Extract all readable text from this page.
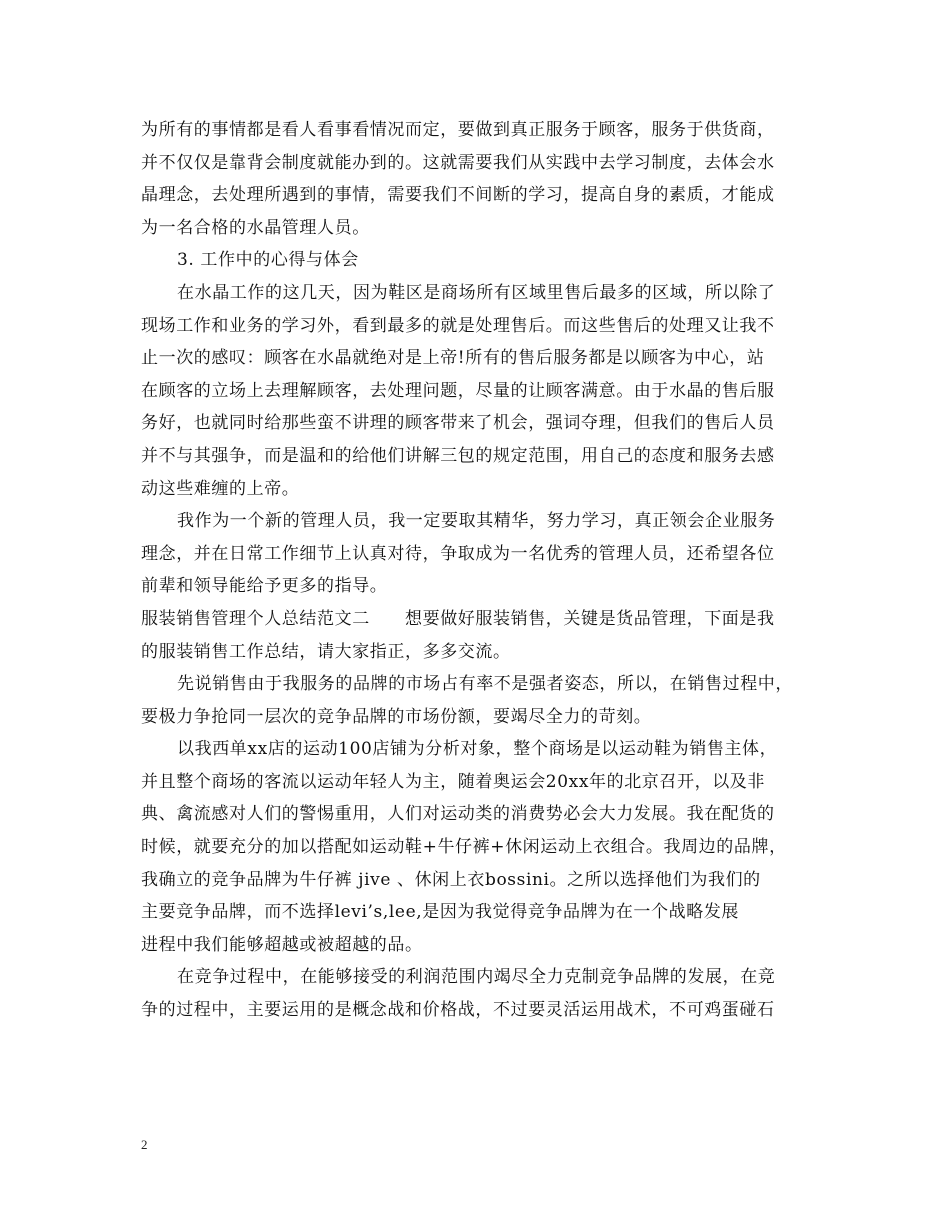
为所有的事情都是看人看事看情况而定，要做到真正服务于顾客，服务于供货商，
并不仅仅是靠背会制度就能办到的。这就需要我们从实践中去学习制度，去体会水
晶理念，去处理所遇到的事情，需要我们不间断的学习，提高自身的素质，才能成
为一名合格的水晶管理人员。
3. 工作中的心得与体会
在水晶工作的这几天，因为鞋区是商场所有区域里售后最多的区域，所以除了
现场工作和业务的学习外，看到最多的就是处理售后。而这些售后的处理又让我不
止一次的感叹：顾客在水晶就绝对是上帝!所有的售后服务都是以顾客为中心，站
在顾客的立场上去理解顾客，去处理问题，尽量的让顾客满意。由于水晶的售后服
务好，也就同时给那些蛮不讲理的顾客带来了机会，强词夺理，但我们的售后人员
并不与其强争，而是温和的给他们讲解三包的规定范围，用自己的态度和服务去感
动这些难缠的上帝。
我作为一个新的管理人员，我一定要取其精华，努力学习，真正领会企业服务
理念，并在日常工作细节上认真对待，争取成为一名优秀的管理人员，还希望各位
前辈和领导能给予更多的指导。
服装销售管理个人总结范文二　　想要做好服装销售，关键是货品管理，下面是我
的服装销售工作总结，请大家指正，多多交流。
先说销售由于我服务的品牌的市场占有率不是强者姿态，所以，在销售过程中，
要极力争抢同一层次的竞争品牌的市场份额，要竭尽全力的苛刻。
以我西单xx店的运动100店铺为分析对象，整个商场是以运动鞋为销售主体，
并且整个商场的客流以运动年轻人为主，随着奥运会20xx年的北京召开，以及非
典、禽流感对人们的警惕重用，人们对运动类的消费势必会大力发展。我在配货的
时候，就要充分的加以搭配如运动鞋+牛仔裤+休闲运动上衣组合。我周边的品牌，
我确立的竞争品牌为牛仔裤 jive 、休闲上衣bossini。之所以选择他们为我们的
主要竞争品牌，而不选择levi’s,lee,是因为我觉得竞争品牌为在一个战略发展
进程中我们能够超越或被超越的品。
在竞争过程中，在能够接受的利润范围内竭尽全力克制竞争品牌的发展，在竞
争的过程中，主要运用的是概念战和价格战，不过要灵活运用战术，不可鸡蛋碰石
2
